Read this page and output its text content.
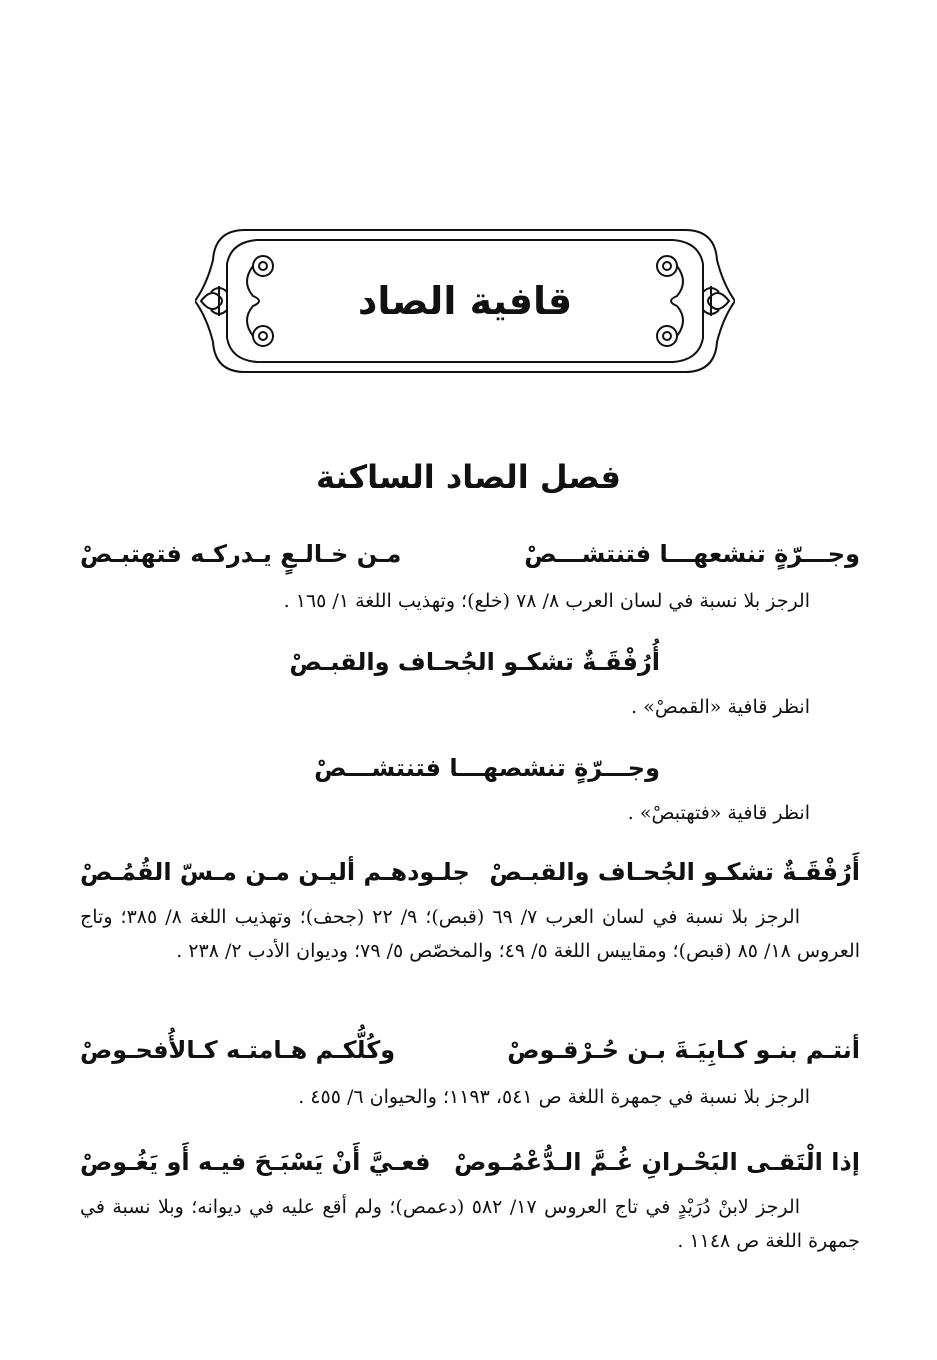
قافية الصاد
فصل الصاد الساكنة
وجـــرّةٍ تنشعهـــا فتنتشـــصْ
مـن خـالـعٍ يـدركـه فتهتبـصْ
الرجز بلا نسبة في لسان العرب ٨/ ٧٨ (خلع)؛ وتهذيب اللغة ١/ ١٦٥ .
أُرُفْقَـةٌ تشكـو الجُحـاف والقبـصْ
انظر قافية «القمصْ» .
وجـــرّةٍ تنشصهـــا فتنتشـــصْ
انظر قافية «فتهتبصْ» .
أَرُفْقَـةٌ تشكـو الجُحـاف والقبـصْ
جلـودهـم أليـن مـن مـسّ القُمُـصْ
الرجز بلا نسبة في لسان العرب ٧/ ٦٩ (قبص)؛ ٩/ ٢٢ (جحف)؛ وتهذيب اللغة ٨/ ٣٨٥؛ وتاج العروس ١٨/ ٨٥ (قبص)؛ ومقاييس اللغة ٥/ ٤٩؛ والمخصّص ٥/ ٧٩؛ وديوان الأدب ٢/ ٢٣٨ .
أنتـم بنـو كـابِيَـةَ بـن حُـرْقـوصْ
وكُلُّكـم هـامتـه كـالأُفحـوصْ
الرجز بلا نسبة في جمهرة اللغة ص ٥٤١، ١١٩٣؛ والحيوان ٦/ ٤٥٥ .
إذا الْتَقـى البَحْـرانِ غُـمَّ الـدُّعْمُـوصْ
فعـيَّ أَنْ يَسْبَـحَ فيـه أَو يَغُـوصْ
الرجز لابنْ دُرَيْدٍ في تاج العروس ١٧/ ٥٨٢ (دعمص)؛ ولم أقع عليه في ديوانه؛ وبلا نسبة في جمهرة اللغة ص ١١٤٨ .
